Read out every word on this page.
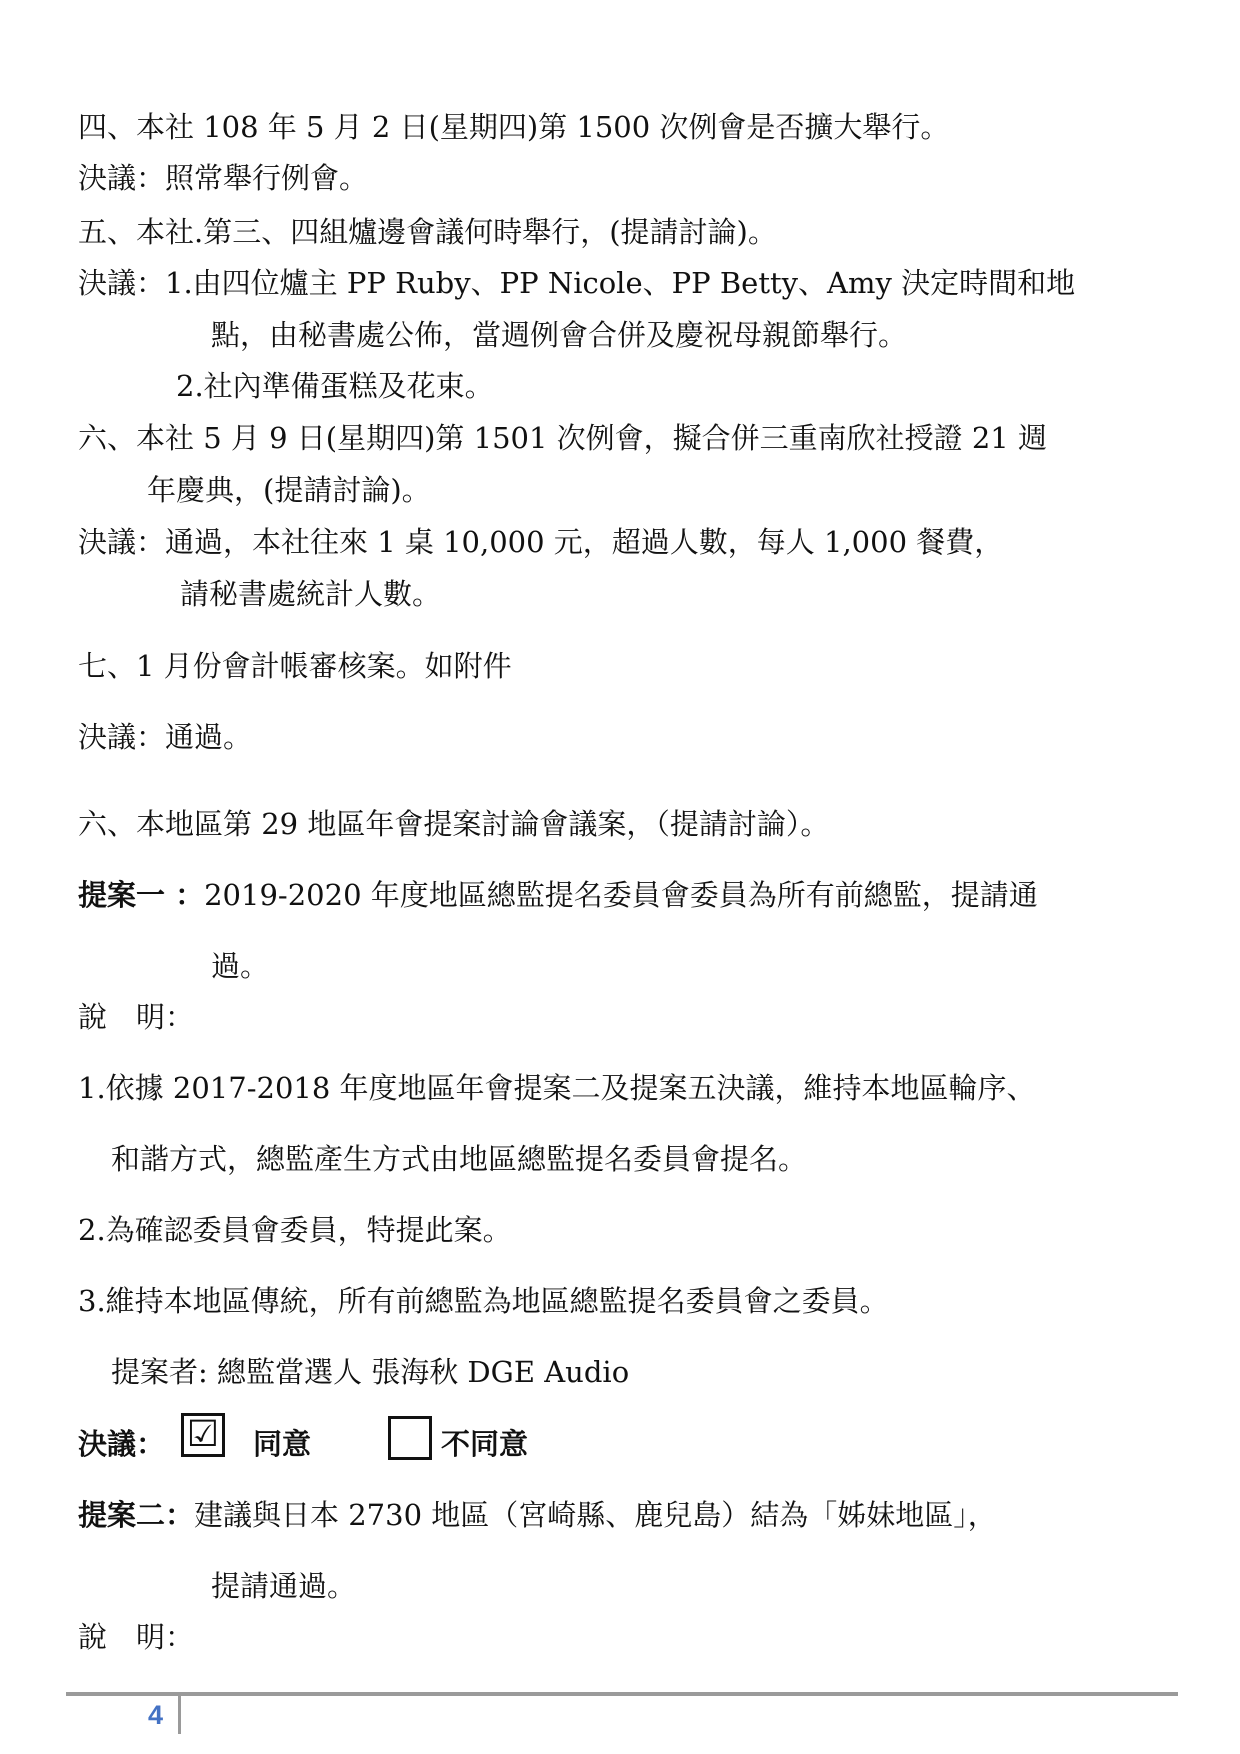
四、本社 108 年 5 月 2 日(星期四)第 1500 次例會是否擴大舉行。
決議：照常舉行例會。
五、本社.第三、四組爐邊會議何時舉行，(提請討論)。
決議：1.由四位爐主 PP Ruby、PP Nicole、PP Betty、Amy 決定時間和地
點，由秘書處公佈，當週例會合併及慶祝母親節舉行。
2.社內準備蛋糕及花束。
六、本社 5 月 9 日(星期四)第 1501 次例會，擬合併三重南欣社授證 21 週
年慶典，(提請討論)。
決議：通過，本社往來 1 桌 10,000 元，超過人數，每人 1,000 餐費，
請秘書處統計人數。
七、1 月份會計帳審核案。如附件
決議：通過。
六、本地區第 29 地區年會提案討論會議案，（提請討論）。
提案一 ：2019-2020 年度地區總監提名委員會委員為所有前總監，提請通
過。
說　明：
1.依據 2017-2018 年度地區年會提案二及提案五決議，維持本地區輪序、
和諧方式，總監產生方式由地區總監提名委員會提名。
2.為確認委員會委員，特提此案。
3.維持本地區傳統，所有前總監為地區總監提名委員會之委員。
提案者: 總監當選人 張海秋 DGE Audio
決議： ☑ 同意	不同意
提案二：建議與日本 2730 地區（宮崎縣、鹿兒島）結為「姊妹地區」，
提請通過。
說　明：
4
